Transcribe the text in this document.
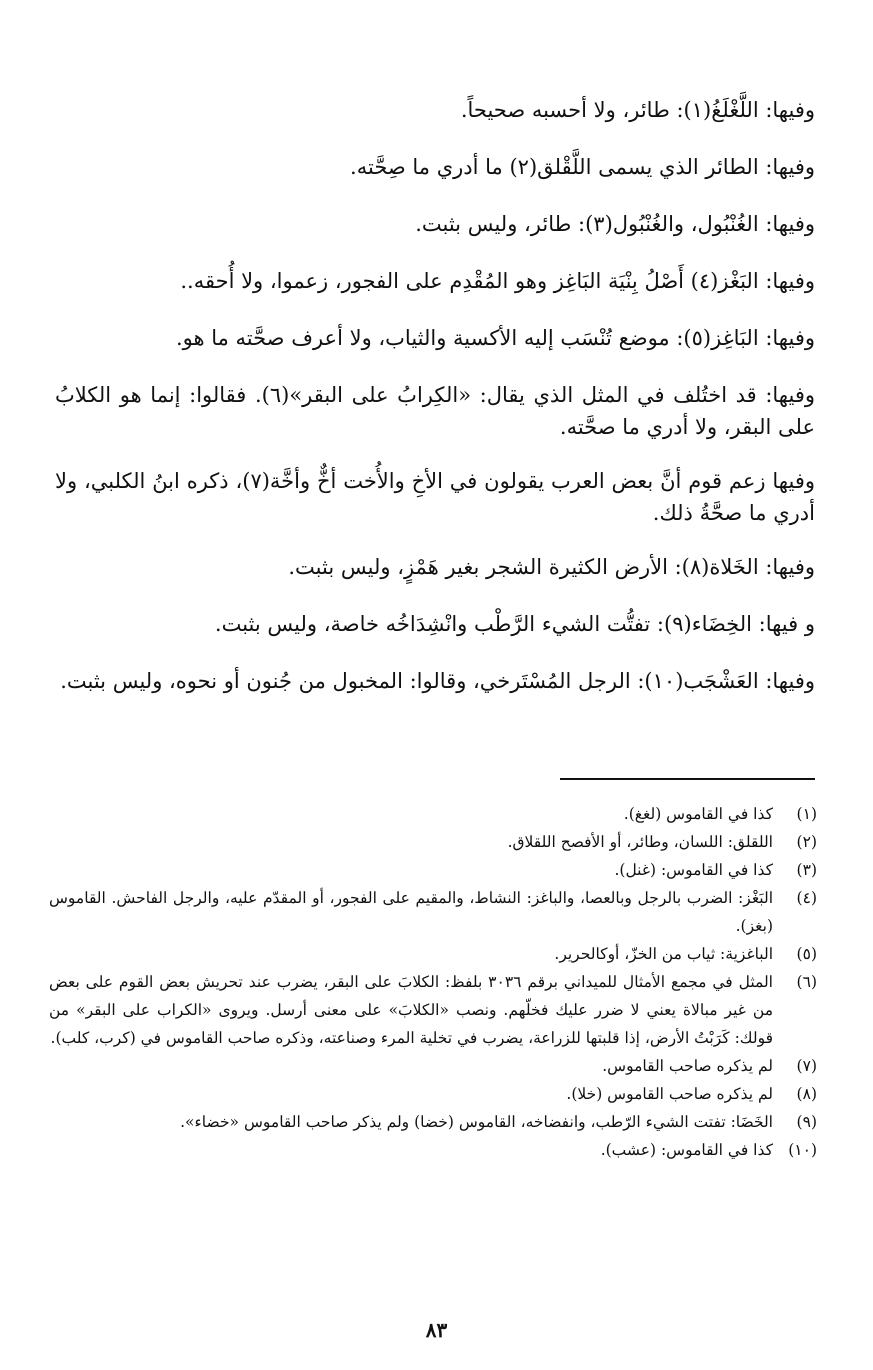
وفيها: اللَّغْلَغُ(١): طائر، ولا أحسبه صحيحاً.

وفيها: الطائر الذي يسمى اللَّقْلق(٢) ما أدري ما صِحَّته.

وفيها: الغُنْبُول، والغُنْبُول(٣): طائر، وليس بثبت.

وفيها: البَغْز(٤) أَصْلُ بِنْيَة البَاغِز وهو المُقْدِم على الفجور، زعموا، ولا أُحقه..

وفيها: البَاغِز(٥): موضع تُنْسَب إليه الأكسية والثياب، ولا أعرف صحَّته ما هو.

وفيها: قد اختُلف في المثل الذي يقال: «الكِرابُ على البقر»(٦). فقالوا: إنما هو الكلابُ على البقر، ولا أدري ما صحَّته.

وفيها زعم قوم أنَّ بعض العرب يقولون في الأخِ والأُخت أخٌّ وأخَّة(٧)، ذكره ابنُ الكلبي، ولا أدري ما صحَّةُ ذلك.

وفيها: الخَلاة(٨): الأرض الكثيرة الشجر بغير هَمْزٍ، وليس بثبت.

و فيها: الخِضَاء(٩): تفتُّت الشيء الرَّطْب وانْشِدَاخُه خاصة، وليس بثبت.

وفيها: العَشْجَب(١٠): الرجل المُسْتَرخي، وقالوا: المخبول من جُنون أو نحوه، وليس بثبت.

(١)
كذا في القاموس (لغغ).
(٢)
اللقلق: اللسان، وطائر، أو الأفصح اللقلاق.
(٣)
كذا في القاموس: (غنل).
(٤)
البَغْز: الضرب بالرجل وبالعصا، والباغز: النشاط، والمقيم على الفجور، أو المقدّم عليه، والرجل الفاحش. القاموس (بغز).
(٥)
الباغزية: ثياب من الخزّ، أوكالحرير.
(٦)
المثل في مجمع الأمثال للميداني برقم ٣٠٣٦ بلفظ: الكلابَ على البقر، يضرب عند تحريش بعض القوم على بعض من غير مبالاة يعني لا ضرر عليك فخلّهم. ونصب «الكلابَ» على معنى أرسل. ويروى «الكراب على البقر» من قولك: كَرَبْتُ الأرض، إذا قلبتها للزراعة، يضرب في تخلية المرء وصناعته، وذكره صاحب القاموس في (كرب، كلب).
(٧)
لم يذكره صاحب القاموس.
(٨)
لم يذكره صاحب القاموس (خلا).
(٩)
الخَضَا: تفتت الشيء الرّطب، وانفضاخه، القاموس (خضا) ولم يذكر صاحب القاموس «خضاء».
(١٠)
كذا في القاموس: (عشب).
٨٣
